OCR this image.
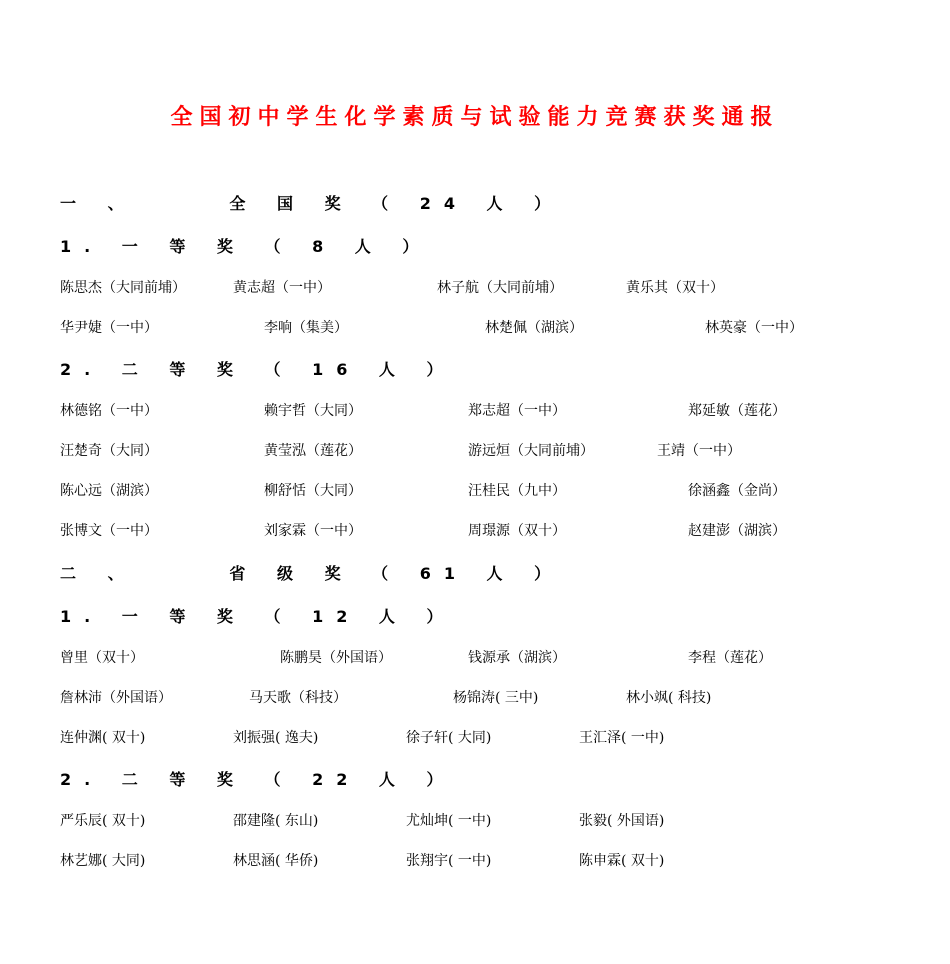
全国初中学生化学素质与试验能力竞赛获奖通报
一 、     全 国 奖 （ 24 人 ）
1. 一 等 奖 （ 8 人 ）
陈思杰（大同前埔）	黄志超（一中）	林子航（大同前埔）	黄乐其（双十）
华尹婕（一中）	李响（集美）	林楚佩（湖滨）	林英豪（一中）
2. 二 等 奖 （ 16 人 ）
林德铭（一中）	赖宇哲（大同）	郑志超（一中）	郑延敏（莲花）
汪楚奇（大同）	黄莹泓（莲花）	游远烜（大同前埔）	王靖（一中）
陈心远（湖滨）	柳舒恬（大同）	汪桂民（九中）	徐涵鑫（金尚）
张博文（一中）	刘家霖（一中）	周璟源（双十）	赵建澎（湖滨）
二 、     省 级 奖 （ 61 人 ）
1. 一 等 奖 （ 12 人 ）
曾里（双十）	陈鹏昊（外国语）	钱源承（湖滨）	李程（莲花）
詹林沛（外国语）	马天歌（科技）	杨锦涛( 三中)	林小飒( 科技)
连仲渊( 双十)	刘振强( 逸夫)	徐子轩( 大同)	王汇泽( 一中)
2. 二 等 奖 （ 22 人 ）
严乐辰( 双十)	邵建隆( 东山)	尤灿坤( 一中)	张毅( 外国语)
林艺娜( 大同)	林思涵( 华侨)	张翔宇( 一中)	陈申霖( 双十)
